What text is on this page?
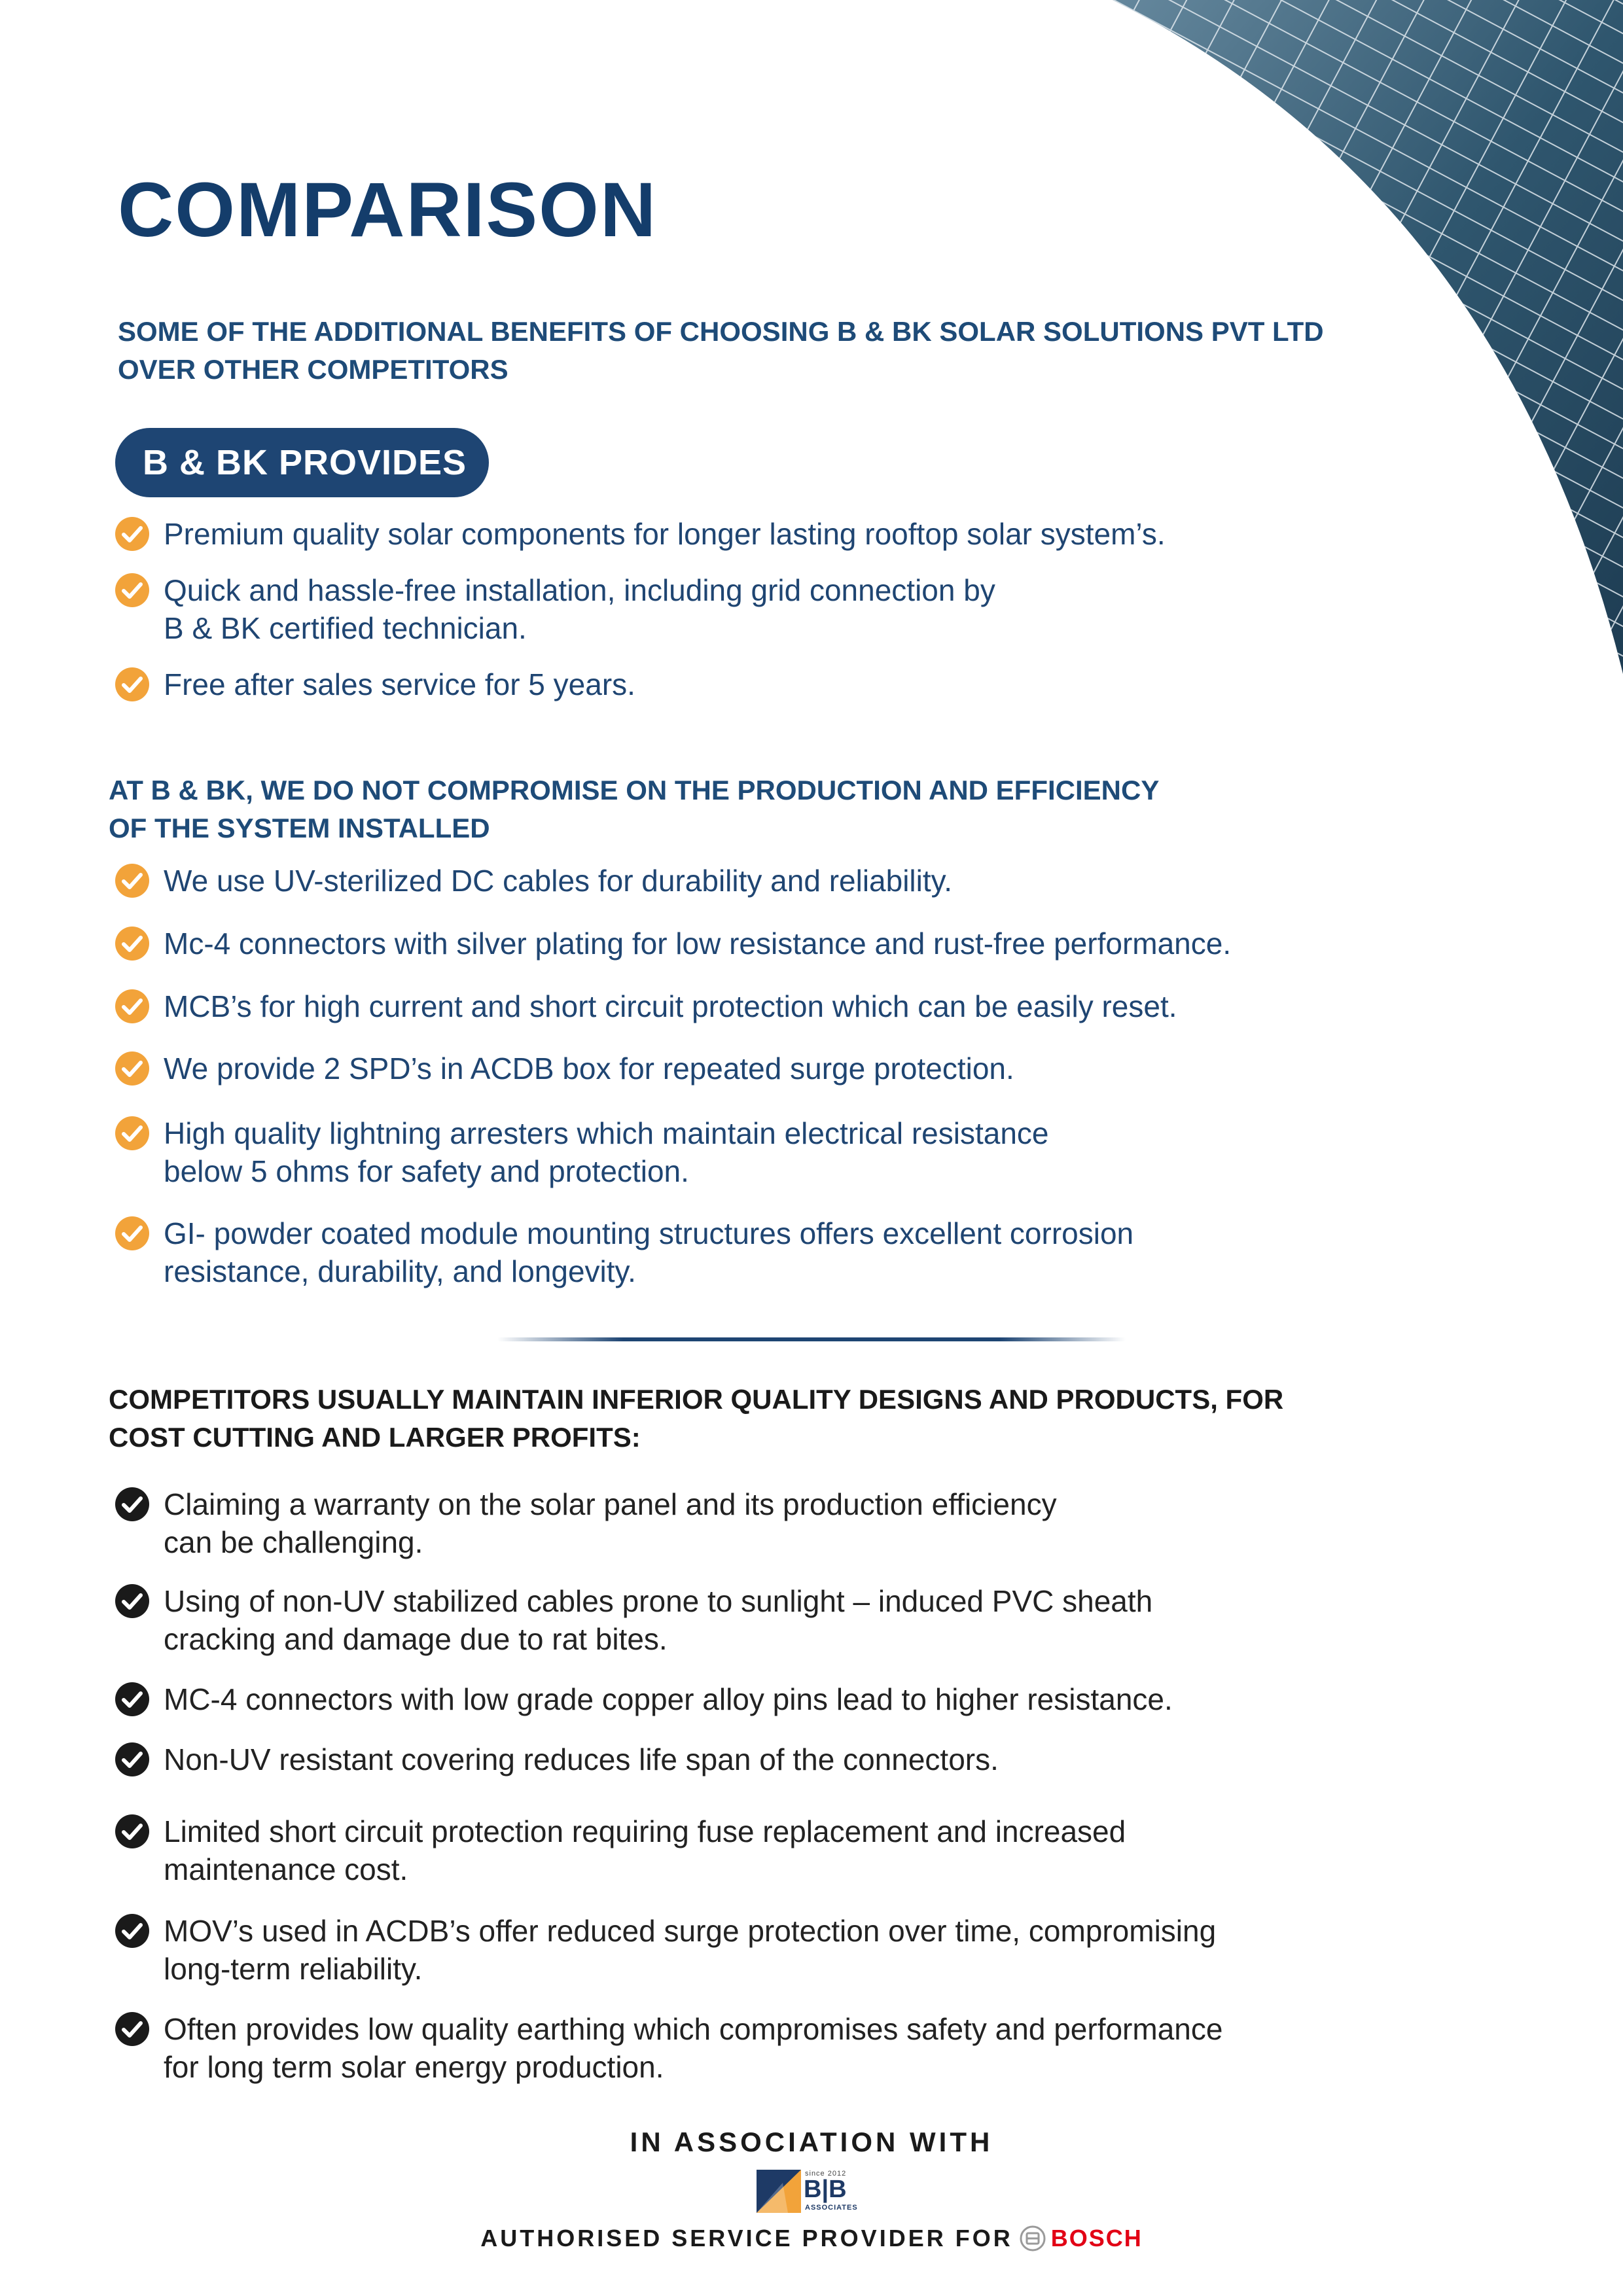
COMPARISON
SOME OF THE ADDITIONAL BENEFITS OF CHOOSING B & BK SOLAR SOLUTIONS PVT LTD
OVER OTHER COMPETITORS
B & BK PROVIDES
Premium quality solar components for longer lasting rooftop solar system’s.
Quick and hassle-free installation, including grid connection by
B & BK certified technician.
Free after sales service for 5 years.
AT B & BK, WE DO NOT COMPROMISE ON THE PRODUCTION AND EFFICIENCY
OF THE SYSTEM INSTALLED
We use UV-sterilized DC cables for durability and reliability.
Mc-4 connectors with silver plating for low resistance and rust-free performance.
MCB’s for high current and short circuit protection which can be easily reset.
We provide 2 SPD’s in ACDB box for repeated surge protection.
High quality lightning arresters which maintain electrical resistance
below 5 ohms for safety and protection.
GI- powder coated module mounting structures offers excellent corrosion
resistance, durability, and longevity.
COMPETITORS USUALLY MAINTAIN INFERIOR QUALITY DESIGNS AND PRODUCTS, FOR
COST CUTTING AND LARGER PROFITS:
Claiming a warranty on the solar panel and its production efficiency
can be challenging.
Using of non-UV stabilized cables prone to sunlight – induced PVC sheath
cracking and damage due to rat bites.
MC-4 connectors with low grade copper alloy pins lead to higher resistance.
Non-UV resistant covering reduces life span of the connectors.
Limited short circuit protection requiring fuse replacement and increased
maintenance cost.
MOV’s used in ACDB’s offer reduced surge protection over time, compromising
long-term reliability.
Often provides low quality earthing which compromises safety and performance
for long term solar energy production.
IN ASSOCIATION WITH
since 2012
B|B
ASSOCIATES
AUTHORISED SERVICE PROVIDER FOR BOSCH
